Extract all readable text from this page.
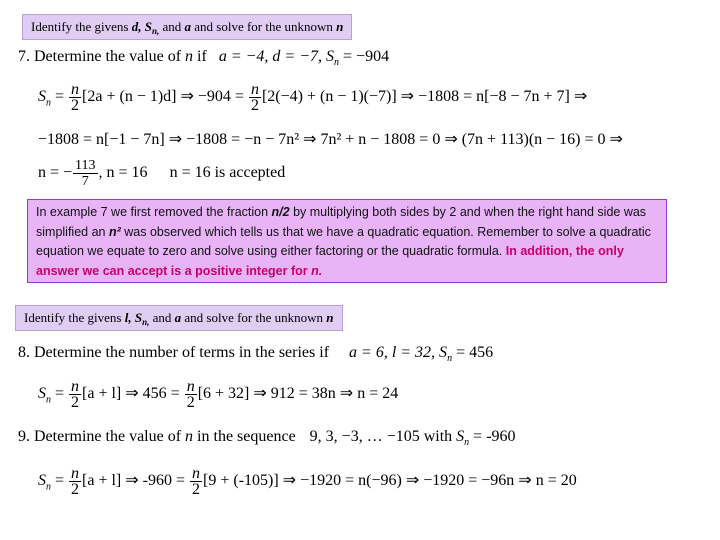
Identify the givens d, $S_{n,}$ and a and solve for the unknown n
7. Determine the value of n if a = −4, d = −7, $S_n = -904$
$S_n = \frac{n}{2} [2a + (n - 1)d]$ ⇒ $-904 = \frac{n}{2} [2(-4) + (n - 1)(-7)]$ ⇒ −1808 = n[−8 − 7n + 7] ⇒
−1808 = n[−1 − 7n] ⇒ −1808 = −n − 7n² ⇒ 7n² + n − 1808 = 0 ⇒ (7n + 113)(n − 16) = 0 ⇒
n = − $\frac{113}{7}$ , n = 16 n = 16 is accepted
In example 7 we first removed the fraction n/2 by multiplying both sides by 2 and when the right hand side was simplified an n² was observed which tells us that we have a quadratic equation. Remember to solve a quadratic equation we equate to zero and solve using either factoring or the quadratic formula. In addition, the only answer we can accept is a positive integer for n.
Identify the givens l, $S_{n,}$ and a and solve for the unknown n
8. Determine the number of terms in the series if a = 6, l = 32, $S_n = 456$
$S_n = \frac{n}{2} [a + l]$ ⇒ $456 = \frac{n}{2} [6 + 32]$ ⇒ 912 = 38n ⇒ n = 24
9. Determine the value of n in the sequence 9, 3, −3, … −105 with $S_n = -960$
$S_n = \frac{n}{2} [a + l]$ ⇒ $-960 = \frac{n}{2} [9 + (-105)]$ ⇒ −1920 = n(−96) ⇒ −1920 = −96n ⇒ n = 20
